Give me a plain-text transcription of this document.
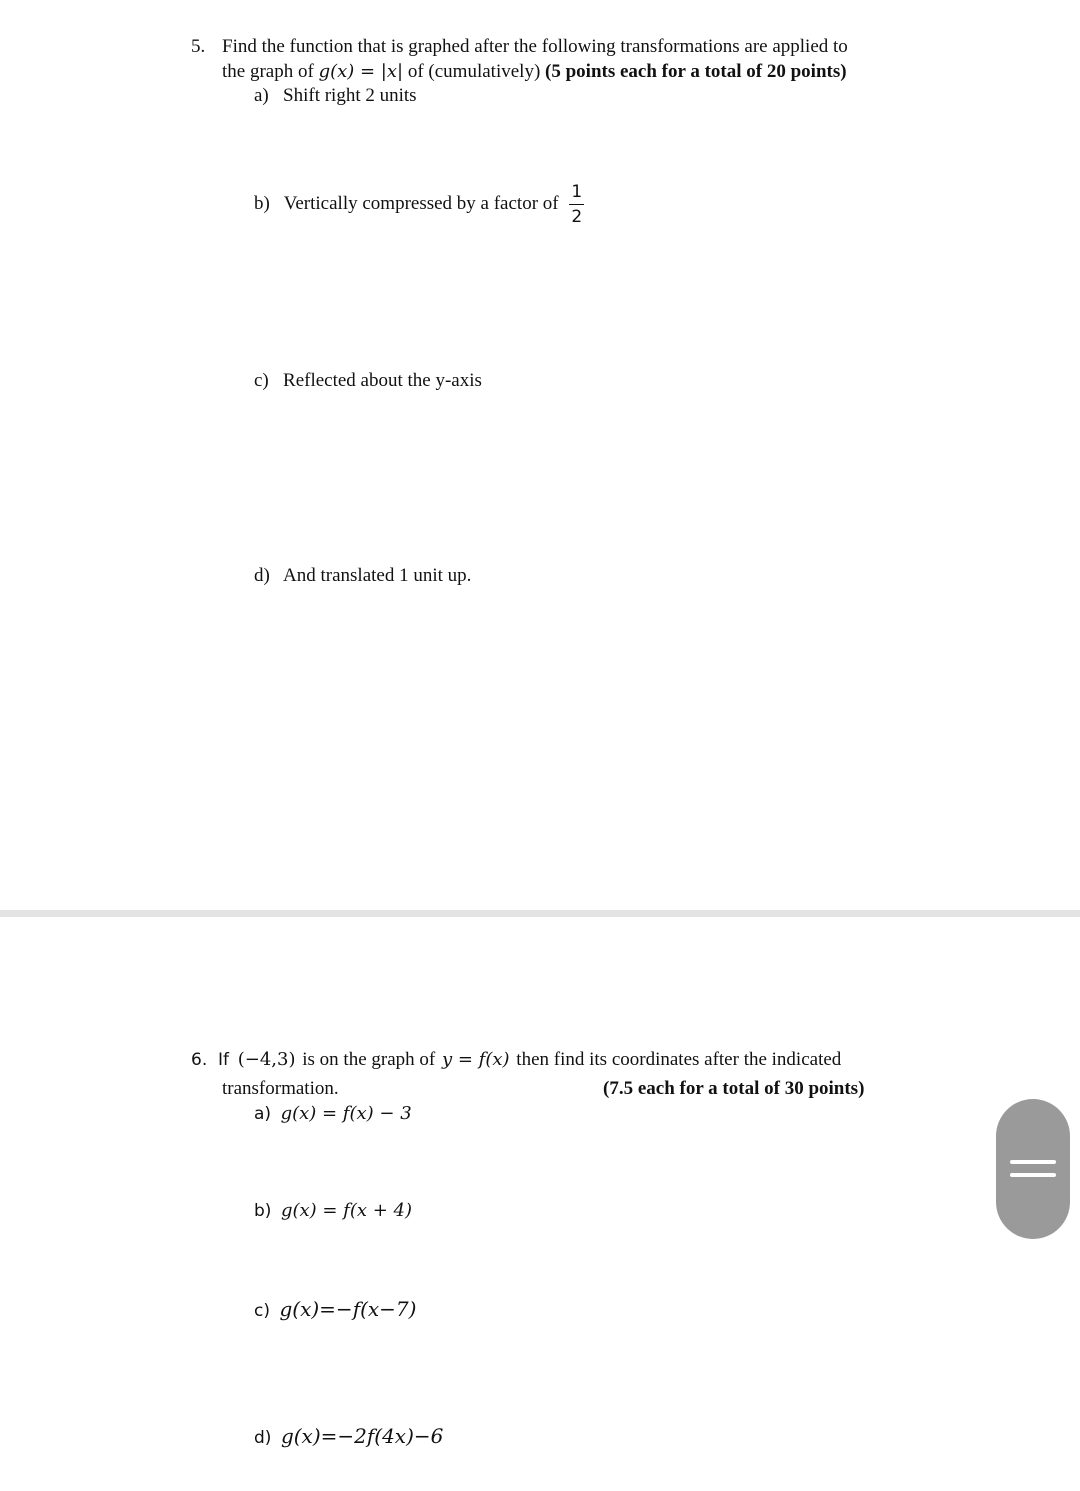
5. Find the function that is graphed after the following transformations are applied to
the graph of g(x) = |x| of (cumulatively) (5 points each for a total of 20 points)
a) Shift right 2 units
b) Vertically compressed by a factor of $\frac{1}{2}$
c) Reflected about the y-axis
d) And translated 1 unit up.
6. If (−4,3) is on the graph of y = f(x) then find its coordinates after the indicated
transformation.	(7.5 each for a total of 30 points)
a) g(x) = f(x) − 3
b) g(x) = f(x + 4)
c) g(x)=−f(x−7)
d) g(x)=−2f(4x)−6
